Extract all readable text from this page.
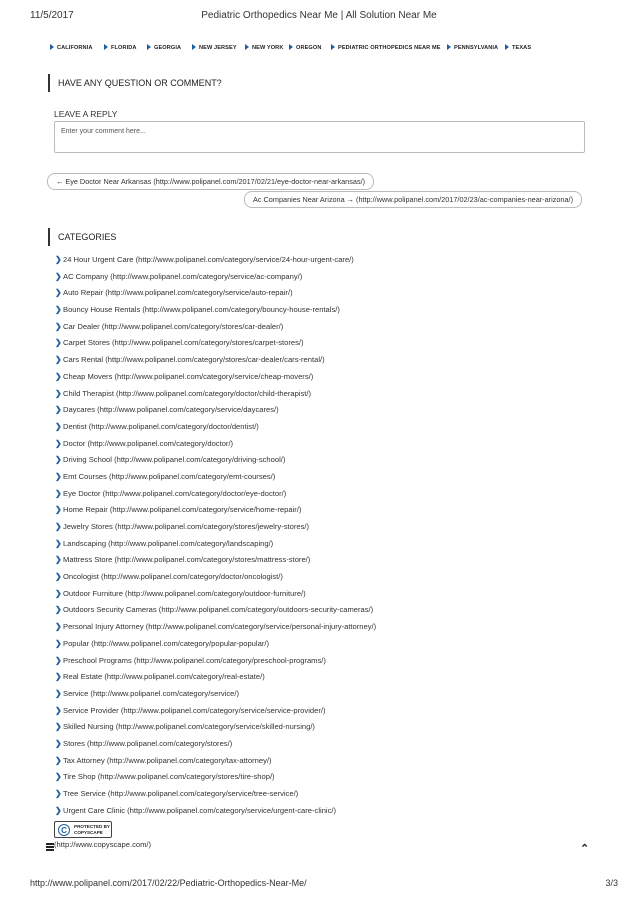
11/5/2017	Pediatric Orthopedics Near Me | All Solution Near Me
CALIFORNIA	FLORIDA	GEORGIA	NEW JERSEY	NEW YORK	OREGON	PEDIATRIC ORTHOPEDICS NEAR ME	PENNSYLVANIA	TEXAS
HAVE ANY QUESTION OR COMMENT?
LEAVE A REPLY
Enter your comment here...
← Eye Doctor Near Arkansas (http://www.polipanel.com/2017/02/21/eye-doctor-near-arkansas/)
Ac Companies Near Arizona → (http://www.polipanel.com/2017/02/23/ac-companies-near-arizona/)
CATEGORIES
❯24 Hour Urgent Care (http://www.polipanel.com/category/service/24-hour-urgent-care/)
❯AC Company (http://www.polipanel.com/category/service/ac-company/)
❯Auto Repair (http://www.polipanel.com/category/service/auto-repair/)
❯Bouncy House Rentals (http://www.polipanel.com/category/bouncy-house-rentals/)
❯Car Dealer (http://www.polipanel.com/category/stores/car-dealer/)
❯Carpet Stores (http://www.polipanel.com/category/stores/carpet-stores/)
❯Cars Rental (http://www.polipanel.com/category/stores/car-dealer/cars-rental/)
❯Cheap Movers (http://www.polipanel.com/category/service/cheap-movers/)
❯Child Therapist (http://www.polipanel.com/category/doctor/child-therapist/)
❯Daycares (http://www.polipanel.com/category/service/daycares/)
❯Dentist (http://www.polipanel.com/category/doctor/dentist/)
❯Doctor (http://www.polipanel.com/category/doctor/)
❯Driving School (http://www.polipanel.com/category/driving-school/)
❯Emt Courses (http://www.polipanel.com/category/emt-courses/)
❯Eye Doctor (http://www.polipanel.com/category/doctor/eye-doctor/)
❯Home Repair (http://www.polipanel.com/category/service/home-repair/)
❯Jewelry Stores (http://www.polipanel.com/category/stores/jewelry-stores/)
❯Landscaping (http://www.polipanel.com/category/landscaping/)
❯Mattress Store (http://www.polipanel.com/category/stores/mattress-store/)
❯Oncologist (http://www.polipanel.com/category/doctor/oncologist/)
❯Outdoor Furniture (http://www.polipanel.com/category/outdoor-furniture/)
❯Outdoors Security Cameras (http://www.polipanel.com/category/outdoors-security-cameras/)
❯Personal Injury Attorney (http://www.polipanel.com/category/service/personal-injury-attorney/)
❯Popular (http://www.polipanel.com/category/popular-popular/)
❯Preschool Programs (http://www.polipanel.com/category/preschool-programs/)
❯Real Estate (http://www.polipanel.com/category/real-estate/)
❯Service (http://www.polipanel.com/category/service/)
❯Service Provider (http://www.polipanel.com/category/service/service-provider/)
❯Skilled Nursing (http://www.polipanel.com/category/service/skilled-nursing/)
❯Stores (http://www.polipanel.com/category/stores/)
❯Tax Attorney (http://www.polipanel.com/category/tax-attorney/)
❯Tire Shop (http://www.polipanel.com/category/stores/tire-shop/)
❯Tree Service (http://www.polipanel.com/category/service/tree-service/)
❯Urgent Care Clinic (http://www.polipanel.com/category/service/urgent-care-clinic/)
C	PROTECTED BY
COPYSCAPE
(http://www.copyscape.com/)	⌃
http://www.polipanel.com/2017/02/22/Pediatric-Orthopedics-Near-Me/	3/3
